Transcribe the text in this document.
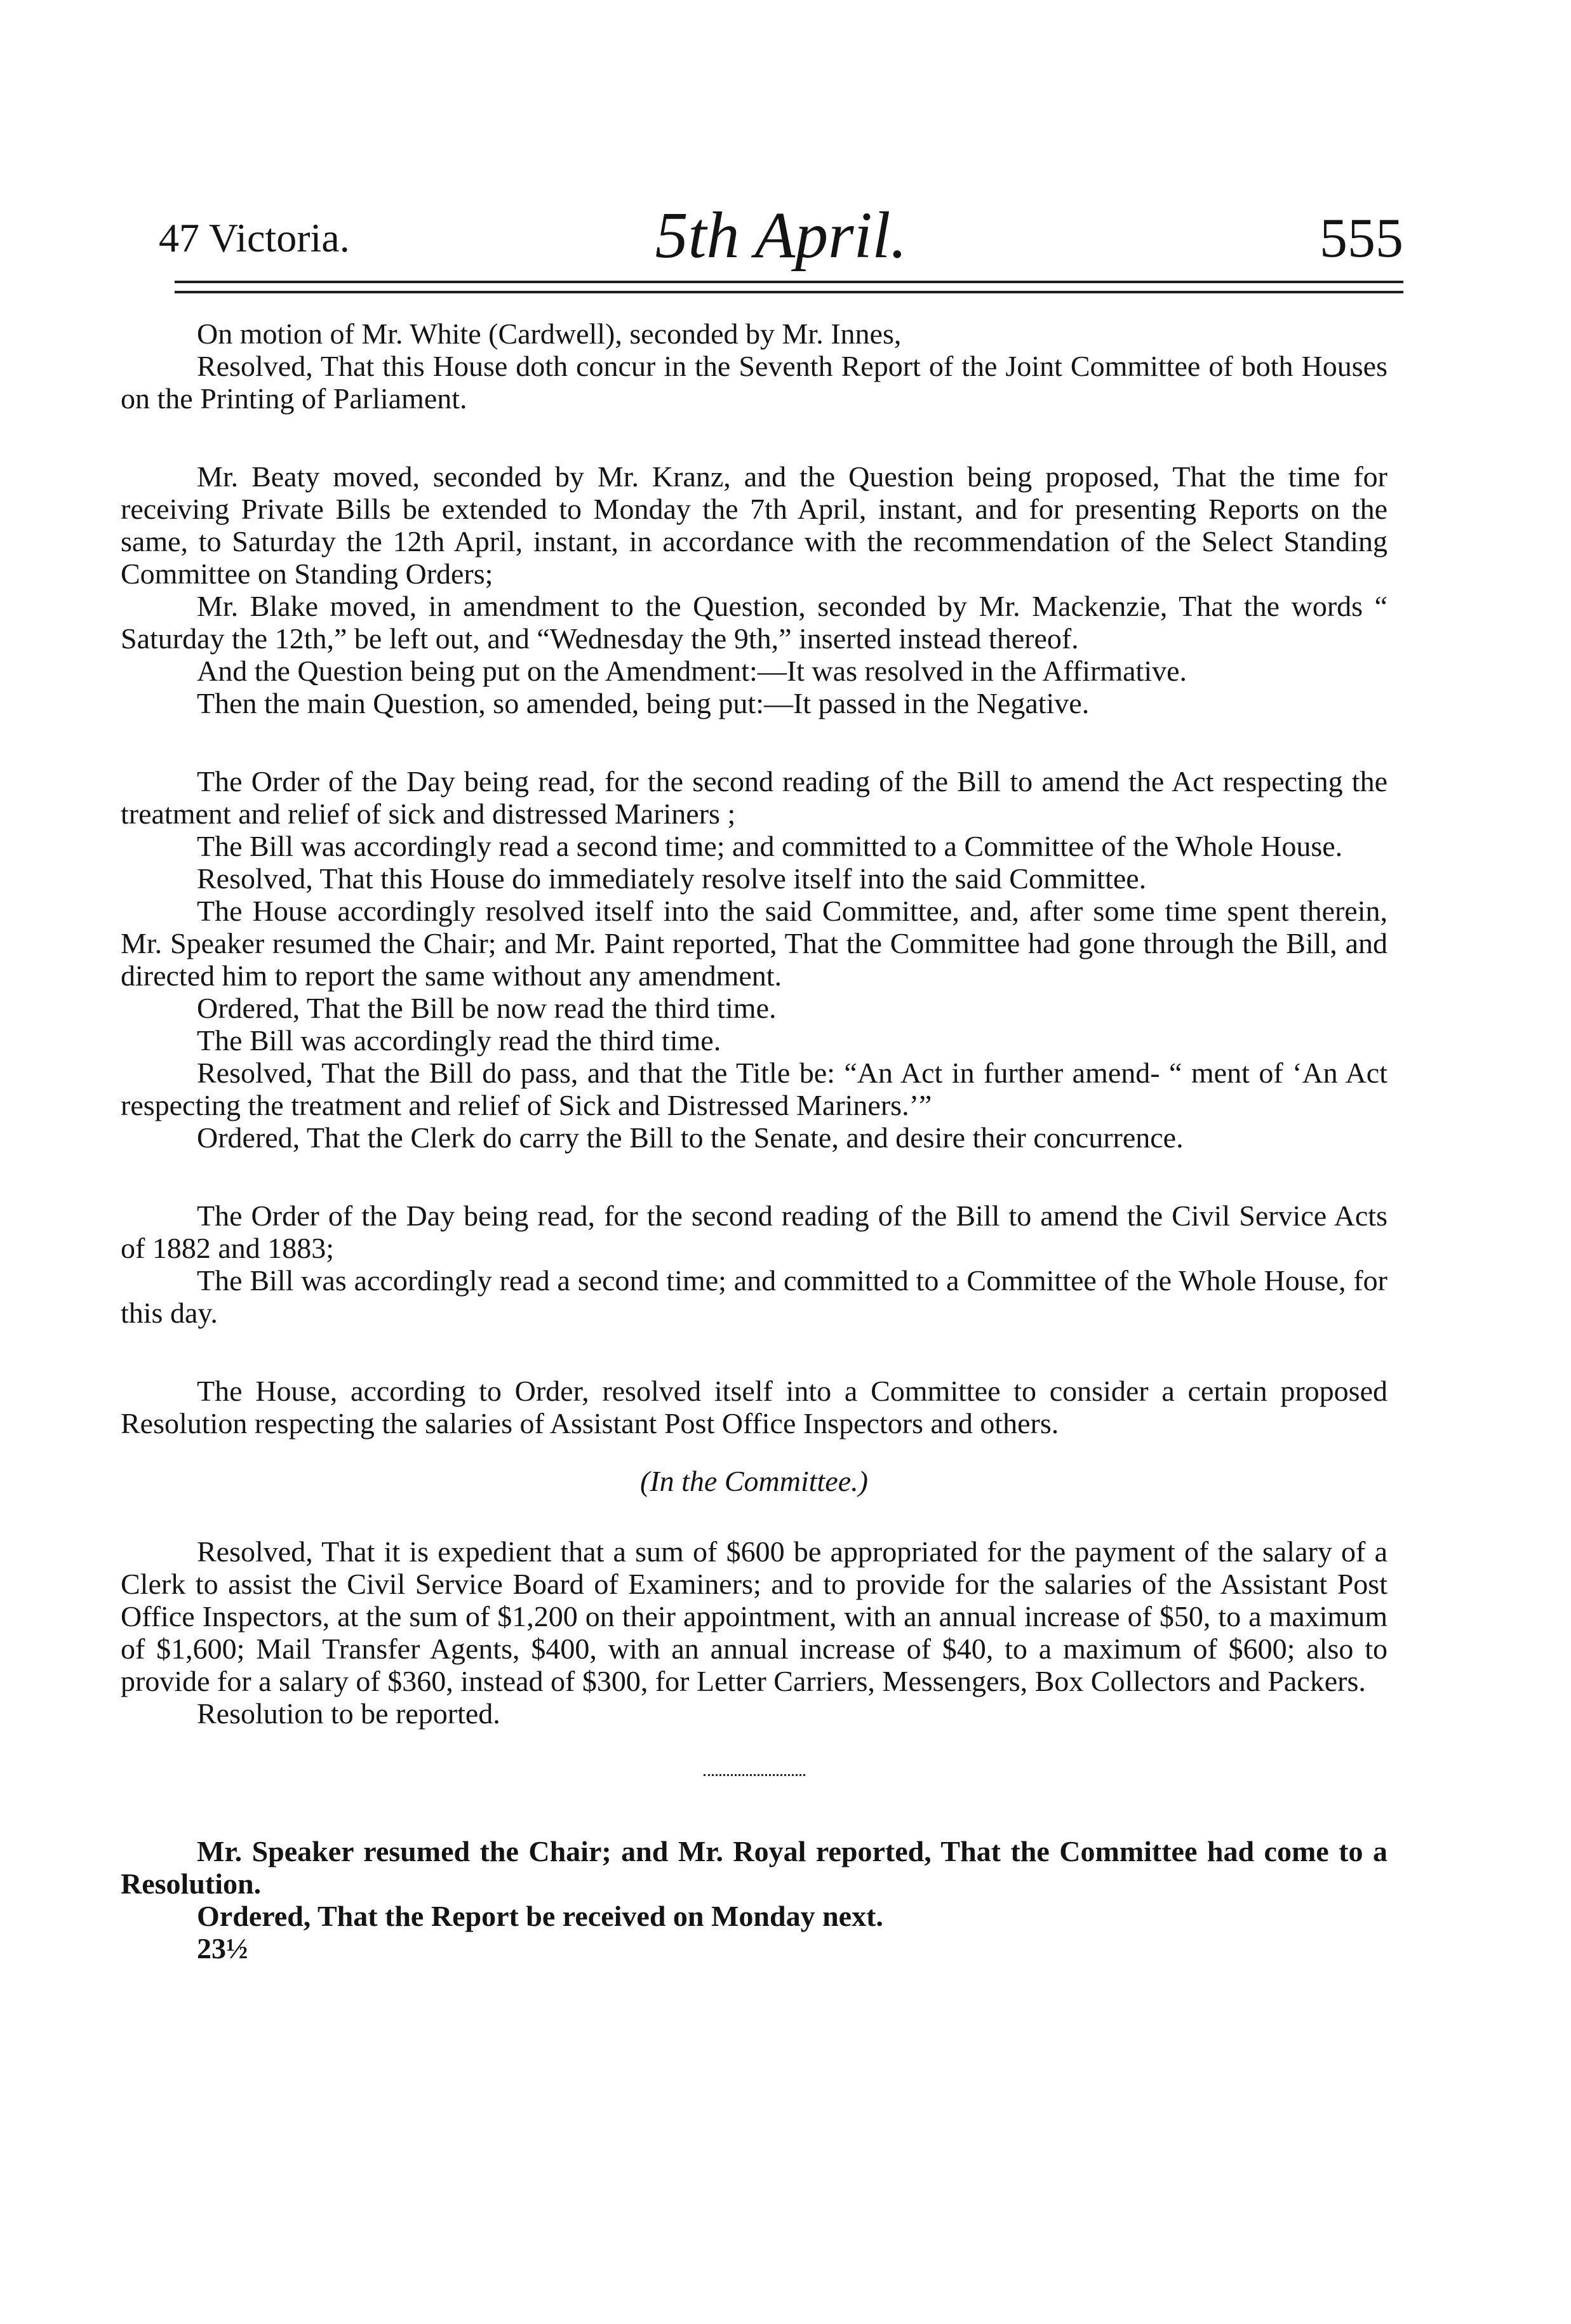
47 Victoria.	5th April.	555

On motion of Mr. White (Cardwell), seconded by Mr. Innes,

Resolved, That this House doth concur in the Seventh Report of the Joint Committee of both Houses on the Printing of Parliament.

Mr. Beaty moved, seconded by Mr. Kranz, and the Question being proposed, That the time for receiving Private Bills be extended to Monday the 7th April, instant, and for presenting Reports on the same, to Saturday the 12th April, instant, in accordance with the recommendation of the Select Standing Committee on Standing Orders;

Mr. Blake moved, in amendment to the Question, seconded by Mr. Mackenzie, That the words “ Saturday the 12th,” be left out, and “Wednesday the 9th,” inserted instead thereof.

And the Question being put on the Amendment:—It was resolved in the Affirmative.

Then the main Question, so amended, being put:—It passed in the Negative.

The Order of the Day being read, for the second reading of the Bill to amend the Act respecting the treatment and relief of sick and distressed Mariners ;

The Bill was accordingly read a second time; and committed to a Committee of the Whole House.

Resolved, That this House do immediately resolve itself into the said Committee.

The House accordingly resolved itself into the said Committee, and, after some time spent therein, Mr. Speaker resumed the Chair; and Mr. Paint reported, That the Committee had gone through the Bill, and directed him to report the same without any amendment.

Ordered, That the Bill be now read the third time.

The Bill was accordingly read the third time.

Resolved, That the Bill do pass, and that the Title be: “An Act in further amend- “ ment of ‘An Act respecting the treatment and relief of Sick and Distressed Mariners.’”

Ordered, That the Clerk do carry the Bill to the Senate, and desire their concurrence.

The Order of the Day being read, for the second reading of the Bill to amend the Civil Service Acts of 1882 and 1883;

The Bill was accordingly read a second time; and committed to a Committee of the Whole House, for this day.

The House, according to Order, resolved itself into a Committee to consider a certain proposed Resolution respecting the salaries of Assistant Post Office Inspectors and others.

(In the Committee.)

Resolved, That it is expedient that a sum of $600 be appropriated for the payment of the salary of a Clerk to assist the Civil Service Board of Examiners; and to provide for the salaries of the Assistant Post Office Inspectors, at the sum of $1,200 on their appointment, with an annual increase of $50, to a maximum of $1,600; Mail Transfer Agents, $400, with an annual increase of $40, to a maximum of $600; also to provide for a salary of $360, instead of $300, for Letter Carriers, Messengers, Box Collectors and Packers.

Resolution to be reported.

Mr. Speaker resumed the Chair; and Mr. Royal reported, That the Committee had come to a Resolution.

Ordered, That the Report be received on Monday next.

23½
